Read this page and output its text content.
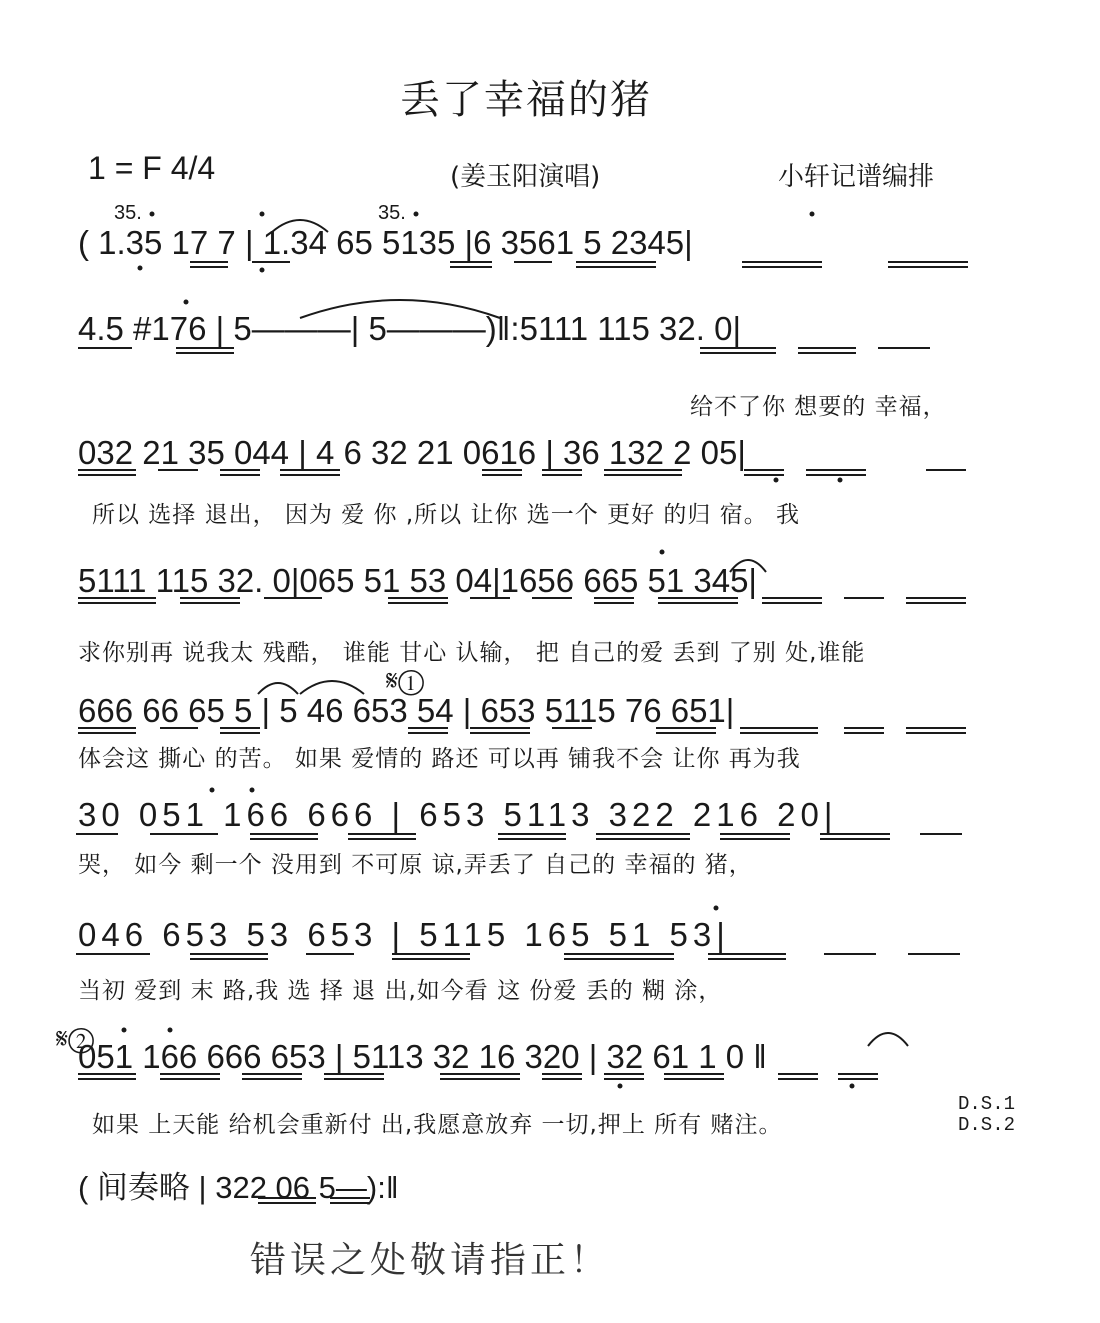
丢了幸福的猪
1 = F 4/4	(姜玉阳演唱)	小轩记谱编排
35.	35.
( 1.35 17 7 | 1.34 65 5135 |6 3561 5 2345|
4.5 #176 | 5———| 5———)‖:5111 115 32. 0|
给不了你 想要的 幸福，
032 21 35 044 | 4 6 32 21 0616 | 36 132 2 05|
所以 选择 退出， 因为 爱 你 ,所以 让你 选一个 更好 的归 宿。 我
5111 115 32. 0|065 51 53 04|1656 665 51 345|
求你别再 说我太 残酷， 谁能 甘心 认输， 把 自己的爱 丢到 了别 处,谁能
𝄋①
666 66 65 5 | 5 46 653 54 | 653 5115 76 651|
体会这 撕心 的苦。 如果 爱情的 路还 可以再 铺我不会 让你 再为我
30 051 166 666 | 653 5113 322 216 20|
哭， 如今 剩一个 没用到 不可原 谅,弄丢了 自己的 幸福的 猪，
046 653 53 653 | 5115 165 51 53|
当初 爱到 末 路,我 选 择 退 出,如今看 这 份爱 丢的 糊 涂，
𝄋②
051 166 666 653 | 5113 32 16 320 | 32 61 1 0 ‖
如果 上天能 给机会重新付 出,我愿意放弃 一切,押上 所有 赌注。
D.S.1
D.S.2
( 间奏略 | 322 06 5—):‖
错误之处敬请指正！
